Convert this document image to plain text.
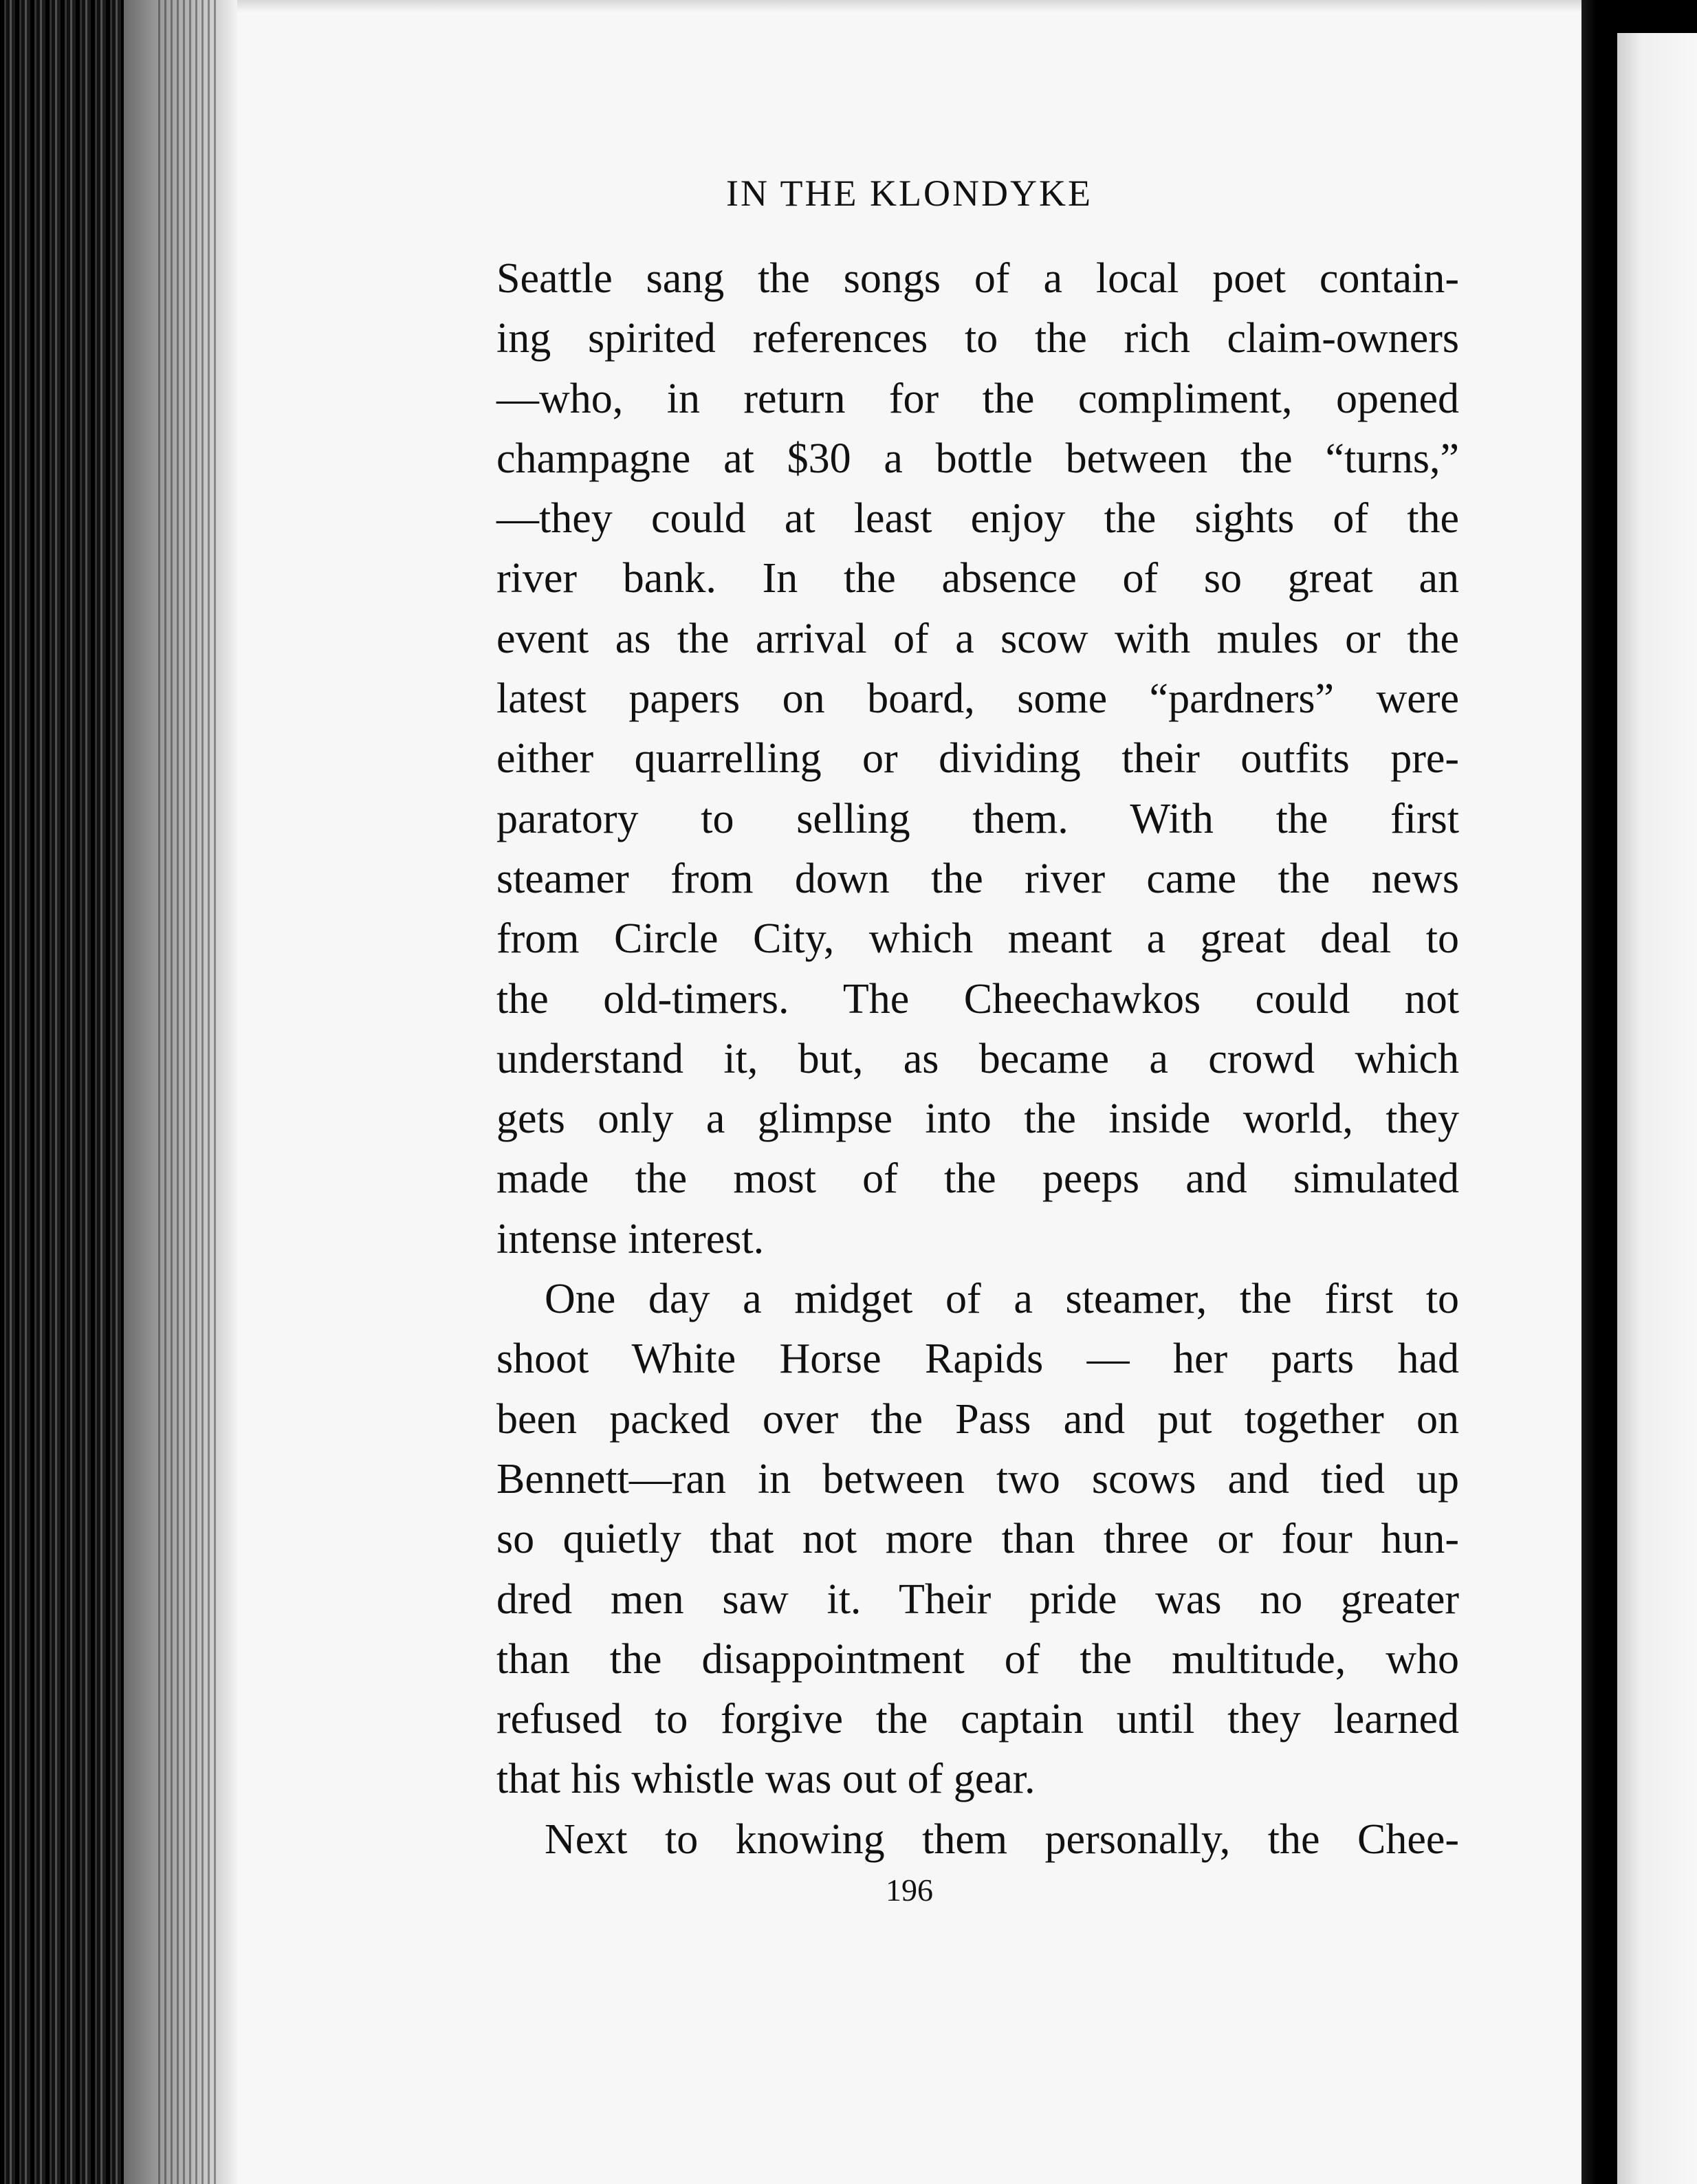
IN THE KLONDYKE
Seattle sang the songs of a local poet contain-
ing spirited references to the rich claim-owners
—who, in return for the compliment, opened
champagne at $30 a bottle between the “turns,”
—they could at least enjoy the sights of the
river bank. In the absence of so great an
event as the arrival of a scow with mules or the
latest papers on board, some “pardners” were
either quarrelling or dividing their outfits pre-
paratory to selling them. With the first
steamer from down the river came the news
from Circle City, which meant a great deal to
the old-timers. The Cheechawkos could not
understand it, but, as became a crowd which
gets only a glimpse into the inside world, they
made the most of the peeps and simulated
intense interest.
One day a midget of a steamer, the first to
shoot White Horse Rapids — her parts had
been packed over the Pass and put together on
Bennett—ran in between two scows and tied up
so quietly that not more than three or four hun-
dred men saw it. Their pride was no greater
than the disappointment of the multitude, who
refused to forgive the captain until they learned
that his whistle was out of gear.
Next to knowing them personally, the Chee-
196
